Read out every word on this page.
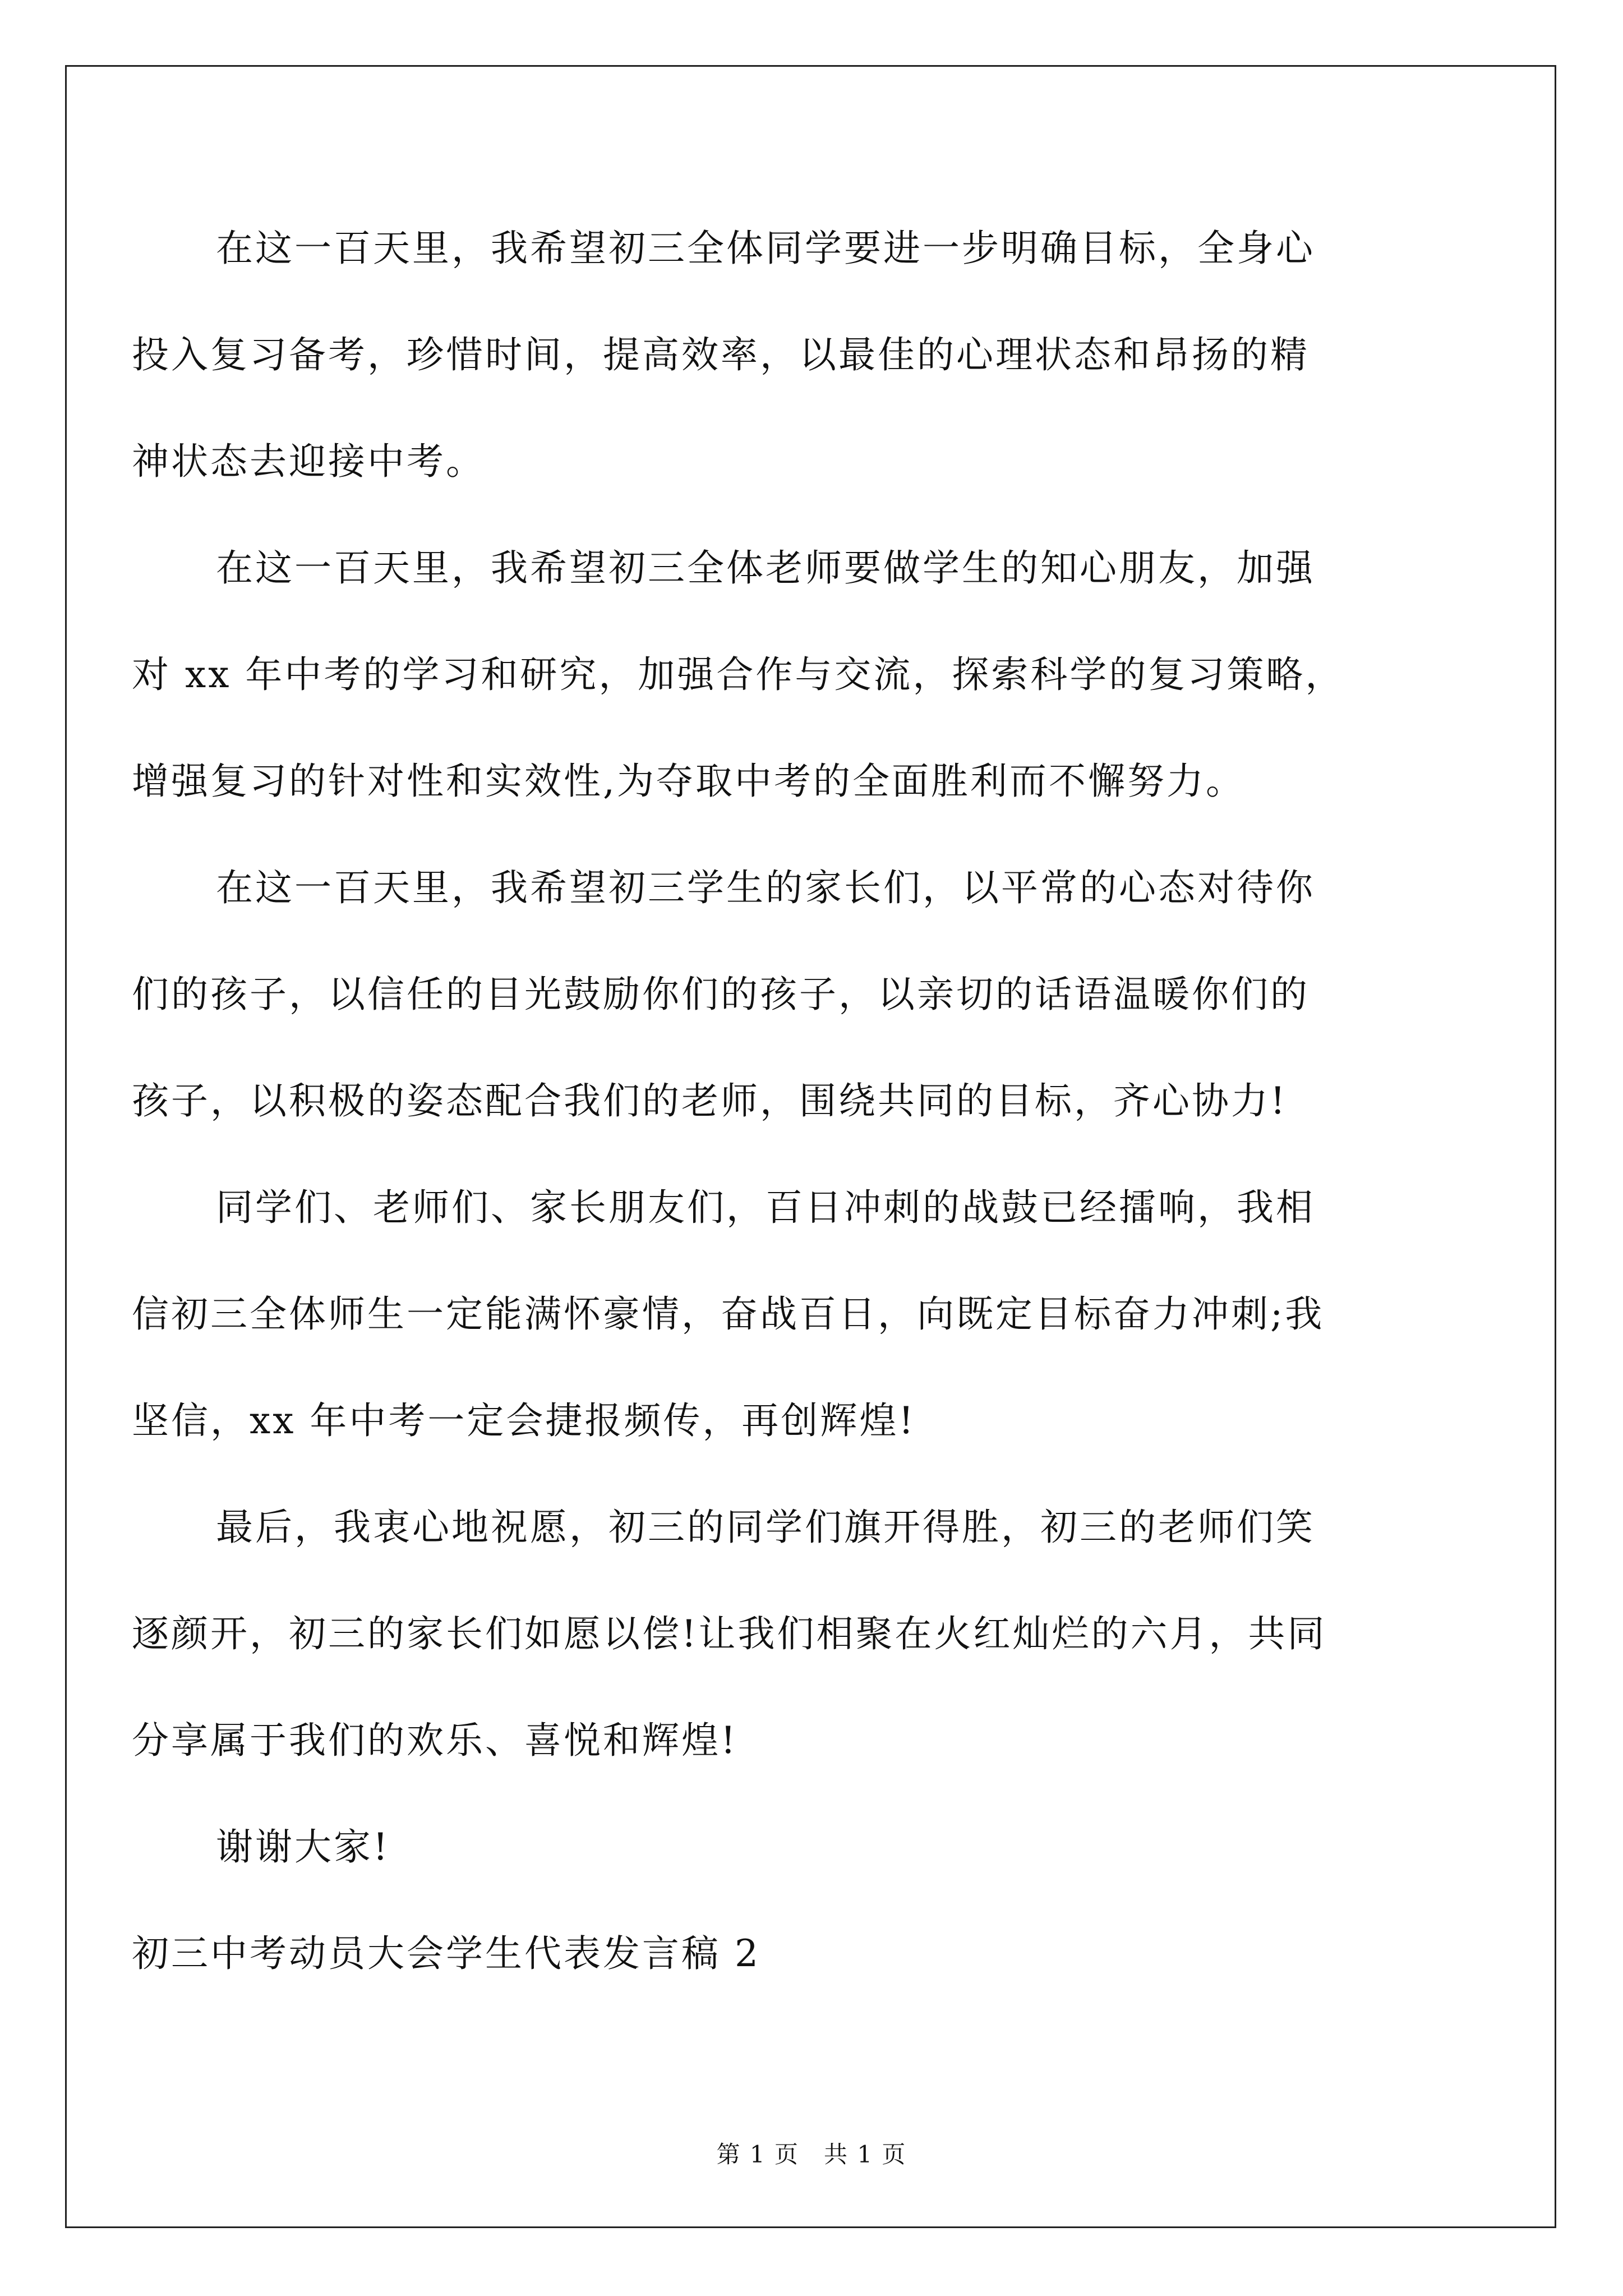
在这一百天里，我希望初三全体同学要进一步明确目标，全身心
投入复习备考，珍惜时间，提高效率，以最佳的心理状态和昂扬的精
神状态去迎接中考。
在这一百天里，我希望初三全体老师要做学生的知心朋友，加强
对 xx 年中考的学习和研究，加强合作与交流，探索科学的复习策略，
增强复习的针对性和实效性,为夺取中考的全面胜利而不懈努力。
在这一百天里，我希望初三学生的家长们，以平常的心态对待你
们的孩子，以信任的目光鼓励你们的孩子，以亲切的话语温暖你们的
孩子，以积极的姿态配合我们的老师，围绕共同的目标，齐心协力!
同学们、老师们、家长朋友们，百日冲刺的战鼓已经擂响，我相
信初三全体师生一定能满怀豪情，奋战百日，向既定目标奋力冲刺;我
坚信，xx 年中考一定会捷报频传，再创辉煌!
最后，我衷心地祝愿，初三的同学们旗开得胜，初三的老师们笑
逐颜开，初三的家长们如愿以偿!让我们相聚在火红灿烂的六月，共同
分享属于我们的欢乐、喜悦和辉煌!
谢谢大家!
初三中考动员大会学生代表发言稿 2
第 1 页　共 1 页
